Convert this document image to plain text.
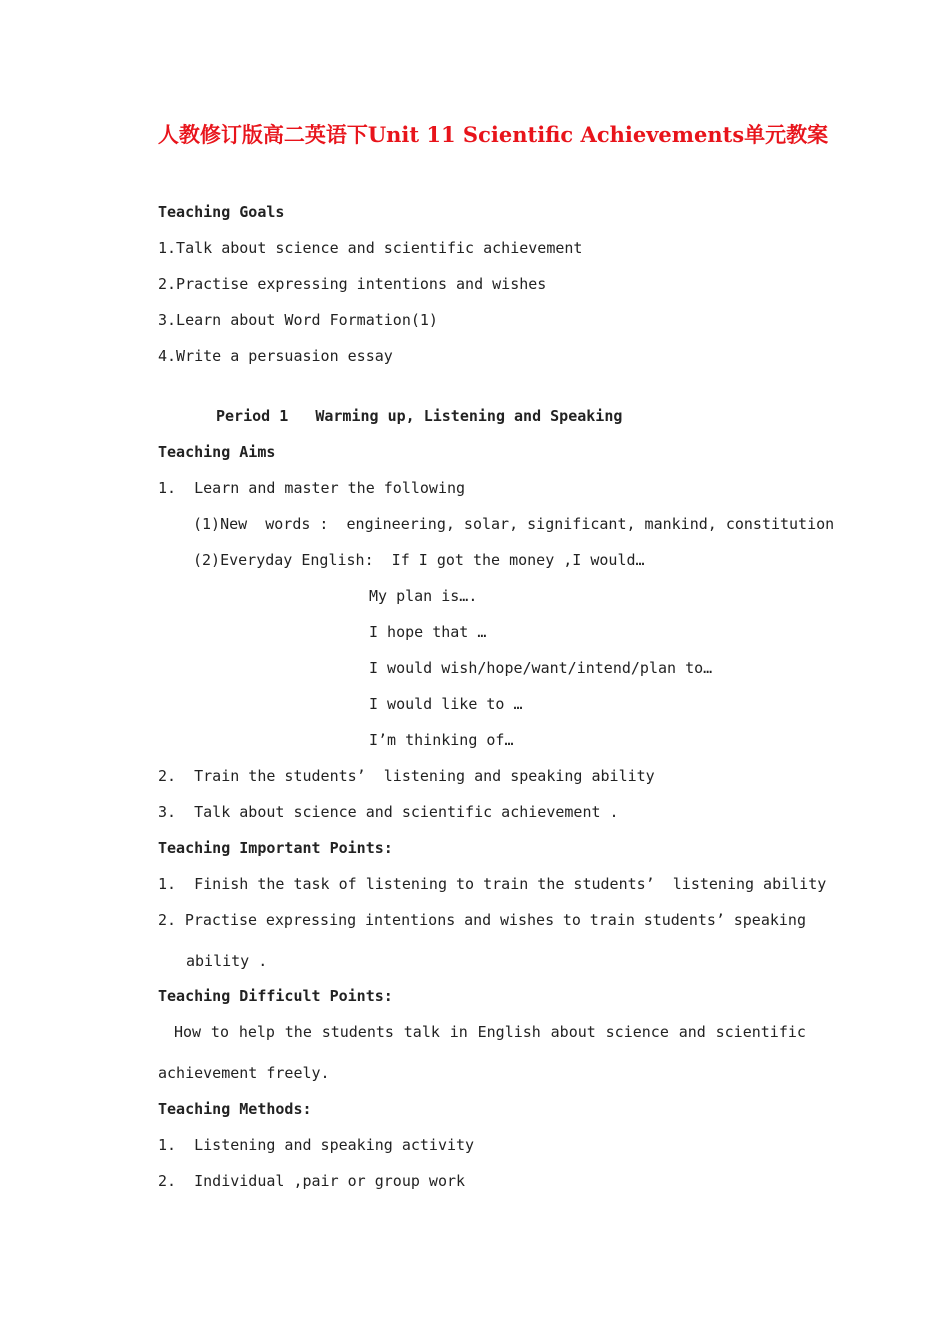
人教修订版高二英语下Unit 11 Scientific Achievements单元教案

Teaching Goals

1.Talk about science and scientific achievement

2.Practise expressing intentions and wishes

3.Learn about Word Formation(1)

4.Write a persuasion essay

Period 1   Warming up, Listening and Speaking

Teaching Aims

1.  Learn and master the following

(1)New  words :  engineering, solar, significant, mankind, constitution

(2)Everyday English:  If I got the money ,I would…

My plan is….

I hope that …

I would wish/hope/want/intend/plan to…

I would like to …

I’m thinking of…

2.  Train the students’  listening and speaking ability

3.  Talk about science and scientific achievement .

Teaching Important Points:

1.  Finish the task of listening to train the students’  listening ability

2. Practise expressing intentions and wishes to train students’ speaking

ability .

Teaching Difficult Points:

How to help the students talk in English about science and scientific

achievement freely.

Teaching Methods:

1.  Listening and speaking activity

2.  Individual ,pair or group work
